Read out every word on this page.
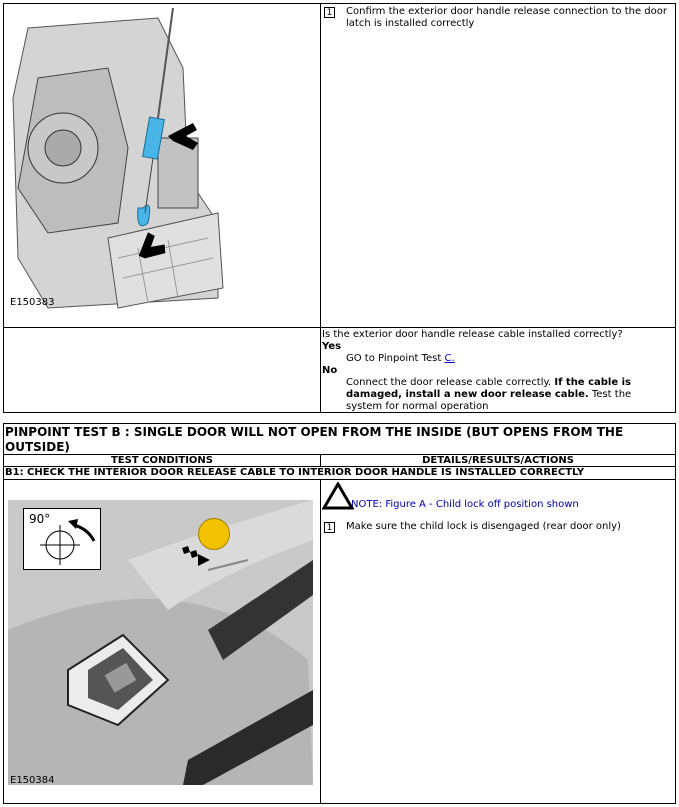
E150383
1 Confirm the exterior door handle release connection to the door latch is installed correctly
Is the exterior door handle release cable installed correctly?
Yes
GO to Pinpoint Test C.
No
Connect the door release cable correctly. If the cable is damaged, install a new door release cable. Test the system for normal operation
PINPOINT TEST B : SINGLE DOOR WILL NOT OPEN FROM THE INSIDE (BUT OPENS FROM THE OUTSIDE)
TEST CONDITIONS	DETAILS/RESULTS/ACTIONS
B1: CHECK THE INTERIOR DOOR RELEASE CABLE TO INTERIOR DOOR HANDLE IS INSTALLED CORRECTLY
90°
E150384
NOTE: Figure A - Child lock off position shown
1 Make sure the child lock is disengaged (rear door only)
